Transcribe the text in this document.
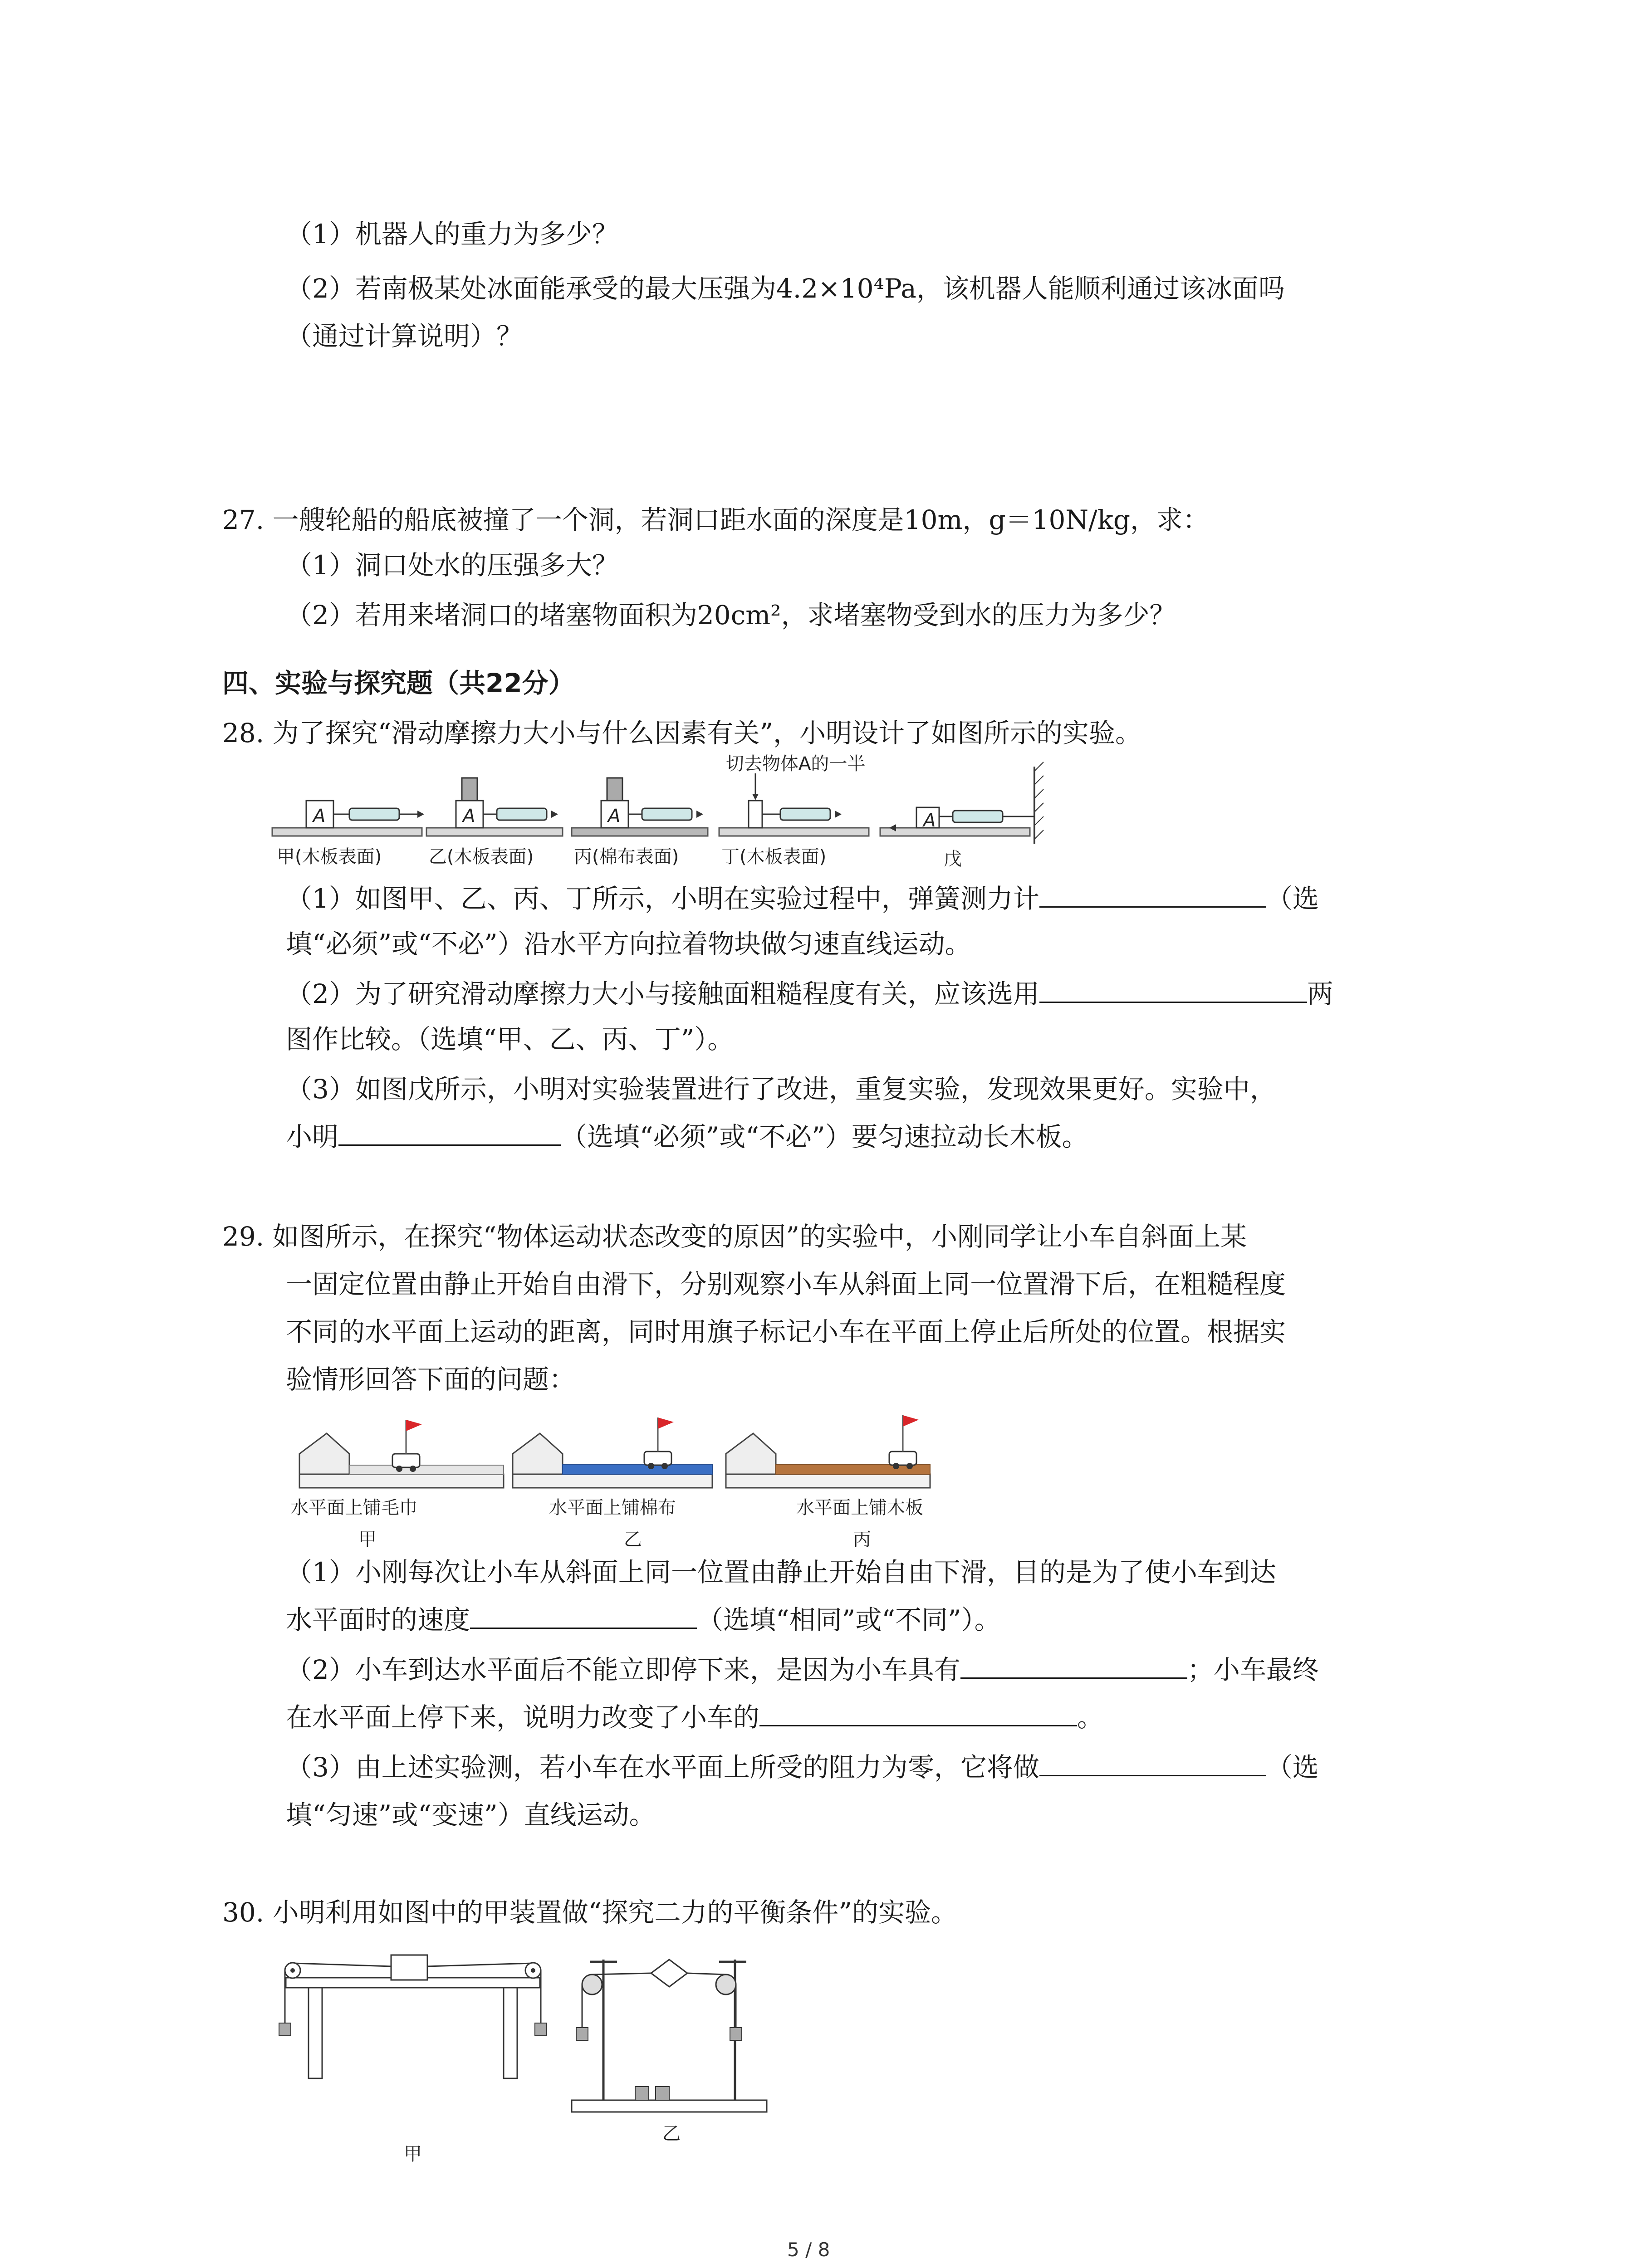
（1）机器人的重力为多少？
（2）若南极某处冰面能承受的最大压强为4.2×10⁴Pa，该机器人能顺利通过该冰面吗
（通过计算说明）？
27. 一艘轮船的船底被撞了一个洞，若洞口距水面的深度是10m，g＝10N/kg，求：
（1）洞口处水的压强多大？
（2）若用来堵洞口的堵塞物面积为20cm²，求堵塞物受到水的压力为多少？
四、实验与探究题（共22分）
28. 为了探究“滑动摩擦力大小与什么因素有关”，小明设计了如图所示的实验。
A	A	A	A
切去物体A的一半
甲(木板表面)	乙(木板表面) 丙(棉布表面) 丁(木板表面)	戊
（1）如图甲、乙、丙、丁所示，小明在实验过程中，弹簧测力计	（选
填“必须”或“不必”）沿水平方向拉着物块做匀速直线运动。
（2）为了研究滑动摩擦力大小与接触面粗糙程度有关，应该选用	两
图作比较。（选填“甲、乙、丙、丁”）。
（3）如图戊所示，小明对实验装置进行了改进，重复实验，发现效果更好。实验中，
小明	（选填“必须”或“不必”）要匀速拉动长木板。
29. 如图所示，在探究“物体运动状态改变的原因”的实验中，小刚同学让小车自斜面上某
一固定位置由静止开始自由滑下，分别观察小车从斜面上同一位置滑下后，在粗糙程度
不同的水平面上运动的距离，同时用旗子标记小车在平面上停止后所处的位置。根据实
验情形回答下面的问题：
水平面上铺毛巾	水平面上铺棉布	水平面上铺木板
甲	乙	丙
（1）小刚每次让小车从斜面上同一位置由静止开始自由下滑，目的是为了使小车到达
水平面时的速度	（选填“相同”或“不同”）。
（2）小车到达水平面后不能立即停下来，是因为小车具有	；小车最终
在水平面上停下来，说明力改变了小车的	。
（3）由上述实验测，若小车在水平面上所受的阻力为零，它将做	（选
填“匀速”或“变速”）直线运动。
30. 小明利用如图中的甲装置做“探究二力的平衡条件”的实验。
甲
乙
5 / 8
